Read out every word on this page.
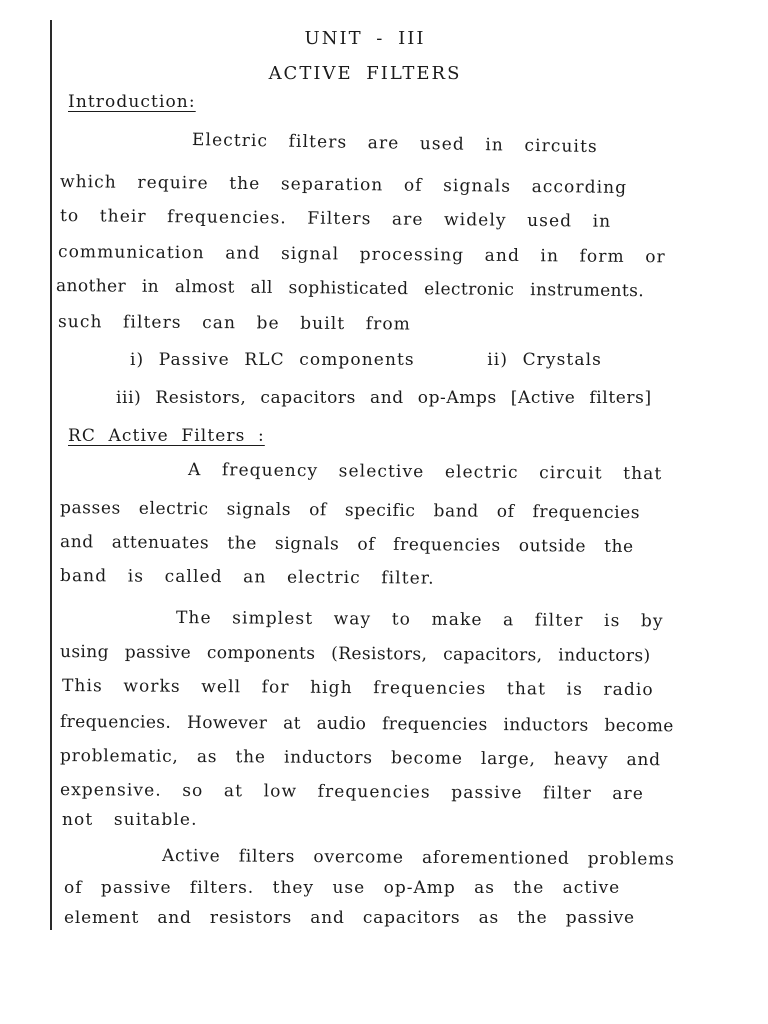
UNIT - III
ACTIVE FILTERS
Introduction:
Electric filters are used in circuits
which require the separation of signals according
to their frequencies. Filters are widely used in
communication and signal processing and in form or
another in almost all sophisticated electronic instruments.
such filters can be built from
i) Passive RLC components     ii) Crystals
iii) Resistors, capacitors and op-Amps [Active filters]
RC Active Filters :
A frequency selective electric circuit that
passes electric signals of specific band of frequencies
and attenuates the signals of frequencies outside the
band is called an electric filter.
The simplest way to make a filter is by
using passive components (Resistors, capacitors, inductors)
This works well for high frequencies that is radio
frequencies. However at audio frequencies inductors become
problematic, as the inductors become large, heavy and
expensive. so at low frequencies passive filter are
not suitable.
Active filters overcome aforementioned problems
of passive filters. they use op-Amp as the active
element and resistors and capacitors as the passive
